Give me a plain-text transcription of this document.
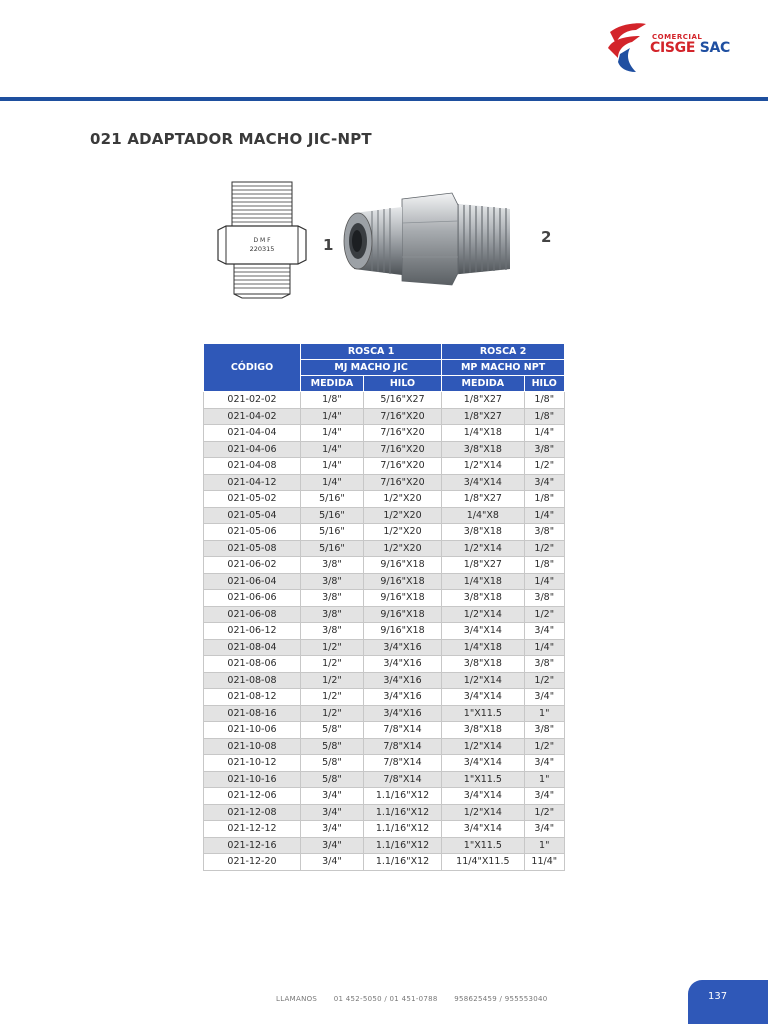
COMERCIAL
CISGE SAC
021 ADAPTADOR MACHO JIC-NPT
D M F
220315	1	2
CÓDIGO	ROSCA 1		ROSCA 2	
	MJ MACHO JIC		MP MACHO NPT	
	MEDIDA	HILO	MEDIDA	HILO
021-02-02	1/8"	5/16"X27	1/8"X27	1/8"
021-04-02	1/4"	7/16"X20	1/8"X27	1/8"
021-04-04	1/4"	7/16"X20	1/4"X18	1/4"
021-04-06	1/4"	7/16"X20	3/8"X18	3/8"
021-04-08	1/4"	7/16"X20	1/2"X14	1/2"
021-04-12	1/4"	7/16"X20	3/4"X14	3/4"
021-05-02	5/16"	1/2"X20	1/8"X27	1/8"
021-05-04	5/16"	1/2"X20	1/4"X8	1/4"
021-05-06	5/16"	1/2"X20	3/8"X18	3/8"
021-05-08	5/16"	1/2"X20	1/2"X14	1/2"
021-06-02	3/8"	9/16"X18	1/8"X27	1/8"
021-06-04	3/8"	9/16"X18	1/4"X18	1/4"
021-06-06	3/8"	9/16"X18	3/8"X18	3/8"
021-06-08	3/8"	9/16"X18	1/2"X14	1/2"
021-06-12	3/8"	9/16"X18	3/4"X14	3/4"
021-08-04	1/2"	3/4"X16	1/4"X18	1/4"
021-08-06	1/2"	3/4"X16	3/8"X18	3/8"
021-08-08	1/2"	3/4"X16	1/2"X14	1/2"
021-08-12	1/2"	3/4"X16	3/4"X14	3/4"
021-08-16	1/2"	3/4"X16	1"X11.5	1"
021-10-06	5/8"	7/8"X14	3/8"X18	3/8"
021-10-08	5/8"	7/8"X14	1/2"X14	1/2"
021-10-12	5/8"	7/8"X14	3/4"X14	3/4"
021-10-16	5/8"	7/8"X14	1"X11.5	1"
021-12-06	3/4"	1.1/16"X12	3/4"X14	3/4"
021-12-08	3/4"	1.1/16"X12	1/2"X14	1/2"
021-12-12	3/4"	1.1/16"X12	3/4"X14	3/4"
021-12-16	3/4"	1.1/16"X12	1"X11.5	1"
021-12-20	3/4"	1.1/16"X12	11/4"X11.5	11/4"
LLAMANOS 01 452-5050 / 01 451-0788 958625459 / 955553040	137
